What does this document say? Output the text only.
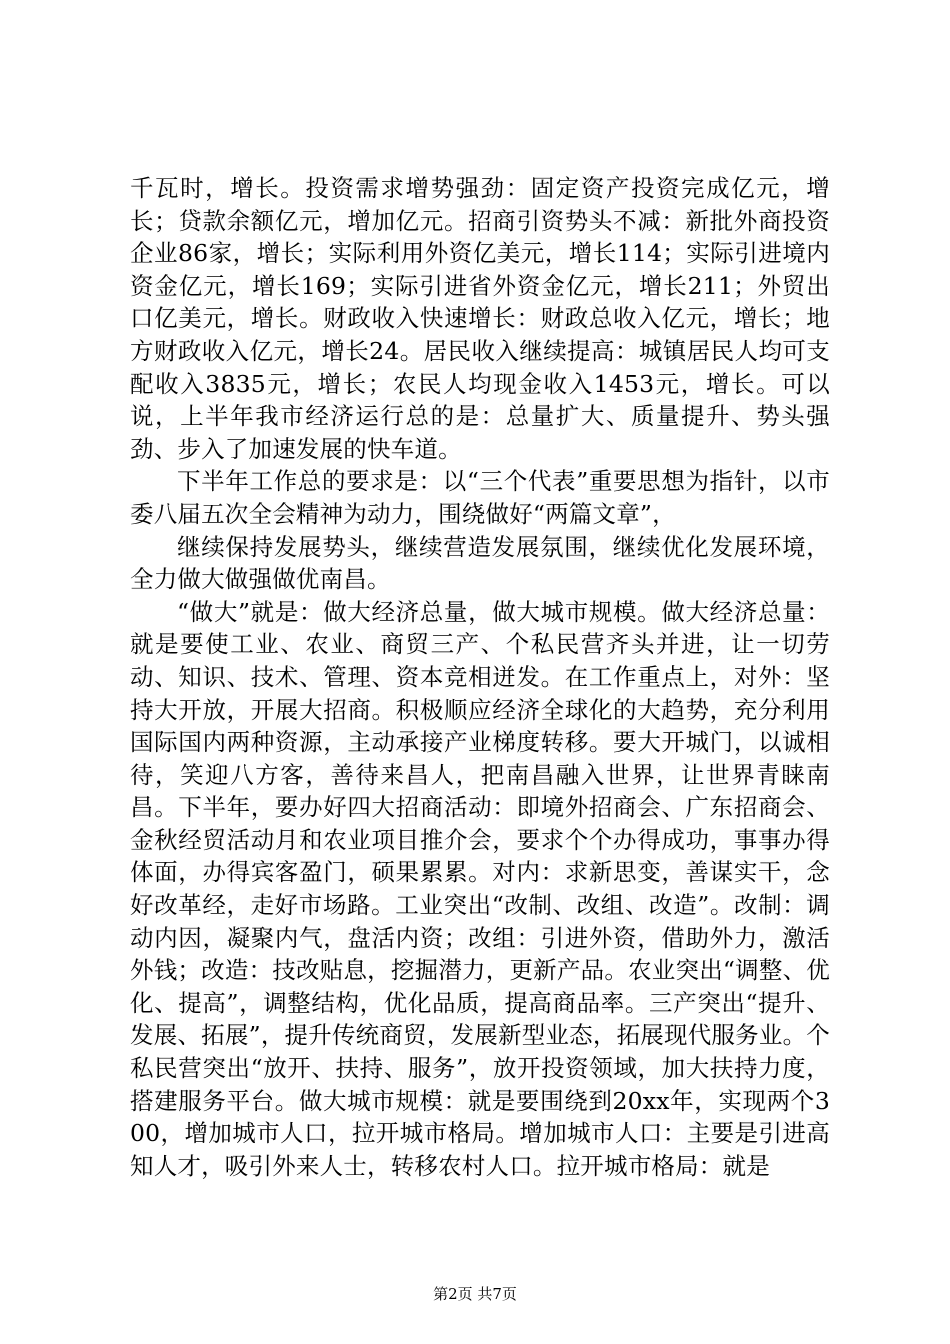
千瓦时，增长。投资需求增势强劲：固定资产投资完成亿元，增长；贷款余额亿元，增加亿元。招商引资势头不减：新批外商投资企业86家，增长；实际利用外资亿美元，增长114；实际引进境内资金亿元，增长169；实际引进省外资金亿元，增长211；外贸出口亿美元，增长。财政收入快速增长：财政总收入亿元，增长；地方财政收入亿元，增长24。居民收入继续提高：城镇居民人均可支配收入3835元，增长；农民人均现金收入1453元，增长。可以说，上半年我市经济运行总的是：总量扩大、质量提升、势头强劲、步入了加速发展的快车道。

下半年工作总的要求是：以“三个代表”重要思想为指针，以市委八届五次全会精神为动力，围绕做好“两篇文章”，

继续保持发展势头，继续营造发展氛围，继续优化发展环境，全力做大做强做优南昌。

“做大”就是：做大经济总量，做大城市规模。做大经济总量：就是要使工业、农业、商贸三产、个私民营齐头并进，让一切劳动、知识、技术、管理、资本竞相迸发。在工作重点上，对外：坚持大开放，开展大招商。积极顺应经济全球化的大趋势，充分利用国际国内两种资源，主动承接产业梯度转移。要大开城门，以诚相待，笑迎八方客，善待来昌人，把南昌融入世界，让世界青睐南昌。下半年，要办好四大招商活动：即境外招商会、广东招商会、金秋经贸活动月和农业项目推介会，要求个个办得成功，事事办得体面，办得宾客盈门，硕果累累。对内：求新思变，善谋实干，念好改革经，走好市场路。工业突出“改制、改组、改造”。改制：调动内因，凝聚内气，盘活内资；改组：引进外资，借助外力，激活外钱；改造：技改贴息，挖掘潜力，更新产品。农业突出“调整、优化、提高”，调整结构，优化品质，提高商品率。三产突出“提升、发展、拓展”，提升传统商贸，发展新型业态，拓展现代服务业。个私民营突出“放开、扶持、服务”，放开投资领域，加大扶持力度，搭建服务平台。做大城市规模：就是要围绕到20xx年，实现两个300，增加城市人口，拉开城市格局。增加城市人口：主要是引进高知人才，吸引外来人士，转移农村人口。拉开城市格局：就是

第2页 共7页
